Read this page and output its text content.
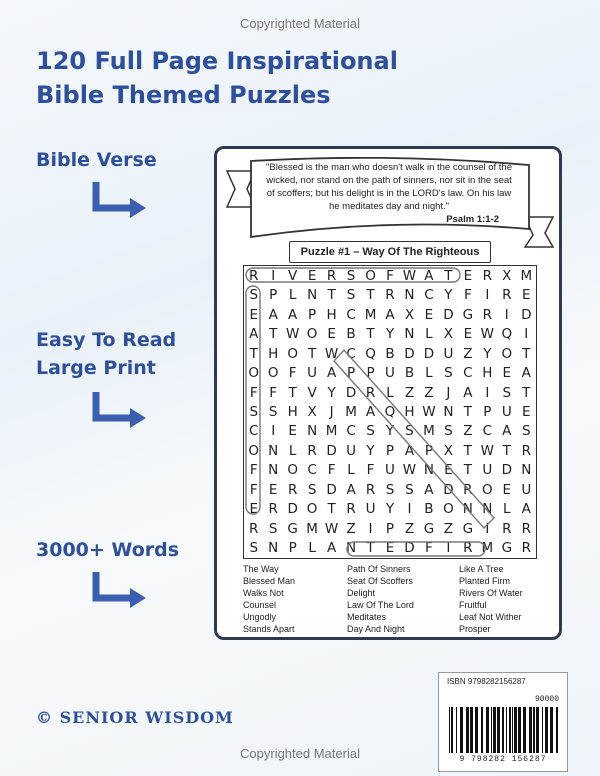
Copyrighted Material
120 Full Page Inspirational
Bible Themed Puzzles
Bible Verse
Easy To Read
Large Print
3000+ Words
© SENIOR WISDOM
"Blessed is the man who doesn't walk in the counsel of the wicked, nor stand on the path of sinners, nor sit in the seat of scoffers; but his delight is in the LORD's law. On his law he meditates day and night."
Psalm 1:1-2
Puzzle #1 – Way Of The Righteous
R I V E R S O F W A T E R X M
S P L N T S T R N C Y F	I R E
E A A P H C M A X E D G R I D
A T W O E B T Y N L X E W Q I
T H O T W C Q B D D U Z Y O T
O O F U A P P U B L S C H E A
F F T V Y D R L Z Z J A I S T
S S H X J M A Q H W N T P U E
C I E N M C S Y S M S Z C A S
O N L R D U Y P A P X T W T R
F N O C F L F U W N E T U D N
F E R S D A R S S A D R O E U
E R D O T R U Y I B O N N L A
R S G M W Z I P Z G Z G I R R
S N P L A N T E D F	I R M G R
The Way	Path Of Sinners	Like A Tree
Blessed Man	Seat Of Scoffers	Planted Firm
Walks Not	Delight	Rivers Of Water
Counsel	Law Of The Lord	Fruitful
Ungodly	Meditates	Leaf Not Wither
Stands Apart	Day And Night	Prosper
ISBN 9798282156287
90000
9 798282 156287
Copyrighted Material
